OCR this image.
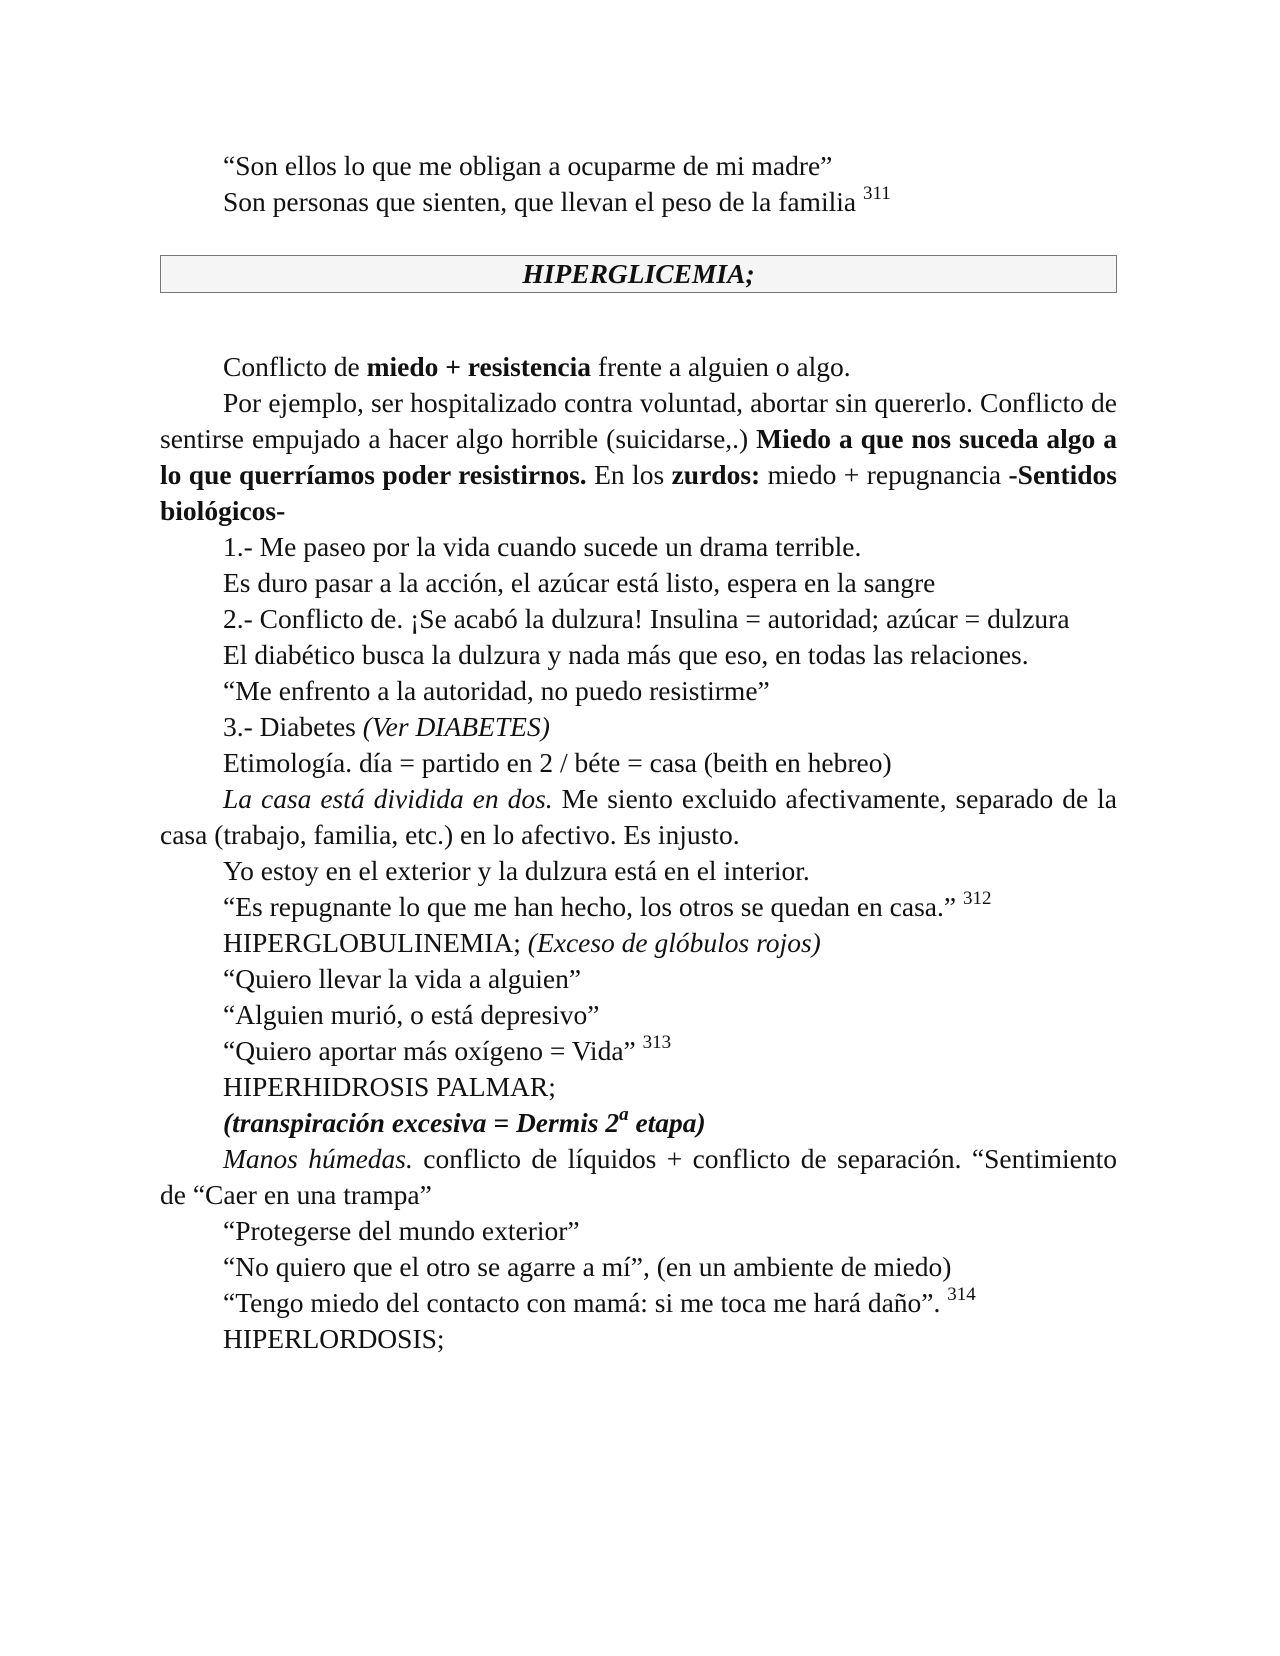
“Son ellos lo que me obligan a ocuparme de mi madre”

Son personas que sienten, que llevan el peso de la familia $^{311}$

HIPERGLICEMIA;

Conflicto de miedo + resistencia frente a alguien o algo.

Por ejemplo, ser hospitalizado contra voluntad, abortar sin quererlo. Conflicto de sentirse empujado a hacer algo horrible (suicidarse,.) Miedo a que nos suceda algo a lo que querríamos poder resistirnos. En los zurdos: miedo + repugnancia -Sentidos biológicos-

1.- Me paseo por la vida cuando sucede un drama terrible.

Es duro pasar a la acción, el azúcar está listo, espera en la sangre

2.- Conflicto de. ¡Se acabó la dulzura! Insulina = autoridad; azúcar = dulzura

El diabético busca la dulzura y nada más que eso, en todas las relaciones.

“Me enfrento a la autoridad, no puedo resistirme”

3.- Diabetes (Ver DIABETES)

Etimología. día = partido en 2 / béte = casa (beith en hebreo)

La casa está dividida en dos. Me siento excluido afectivamente, separado de la casa (trabajo, familia, etc.) en lo afectivo. Es injusto.

Yo estoy en el exterior y la dulzura está en el interior.

“Es repugnante lo que me han hecho, los otros se quedan en casa.” $^{312}$

HIPERGLOBULINEMIA; (Exceso de glóbulos rojos)

“Quiero llevar la vida a alguien”

“Alguien murió, o está depresivo”

“Quiero aportar más oxígeno = Vida” $^{313}$

HIPERHIDROSIS PALMAR;

(transpiración excesiva = Dermis 2$^a$ etapa)

Manos húmedas. conflicto de líquidos + conflicto de separación. “Sentimiento de “Caer en una trampa”

“Protegerse del mundo exterior”

“No quiero que el otro se agarre a mí”, (en un ambiente de miedo)

“Tengo miedo del contacto con mamá: si me toca me hará daño”. $^{314}$

HIPERLORDOSIS;
